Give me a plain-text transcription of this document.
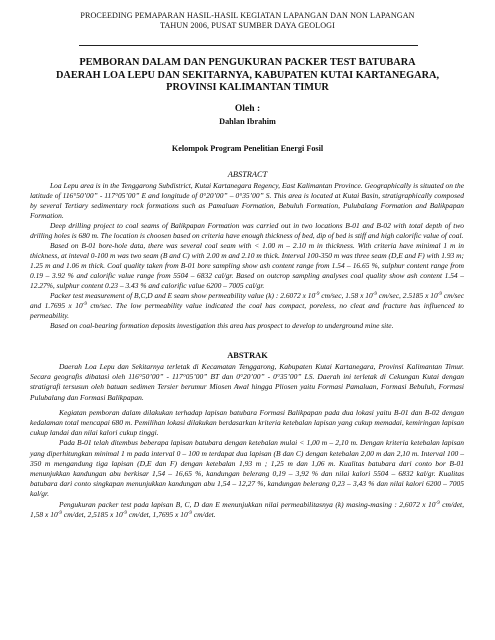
PROCEEDING PEMAPARAN HASIL-HASIL KEGIATAN LAPANGAN DAN NON LAPANGAN
TAHUN 2006, PUSAT SUMBER DAYA GEOLOGI
PEMBORAN DALAM DAN PENGUKURAN PACKER TEST BATUBARA
DAERAH LOA LEPU DAN SEKITARNYA, KABUPATEN KUTAI KARTANEGARA,
PROVINSI KALIMANTAN TIMUR
Oleh :
Dahlan Ibrahim
Kelompok Program Penelitian Energi Fosil
ABSTRACT

Loa Lepu area is in the Tenggarong Subdistrict, Kutai Kartanegara Regency, East Kalimantan Province. Geographically is situated on the latitude of 116°50’00” - 117°05’00” E and longitude of 0°20’00” – 0°35’00” S. This area is located at Kutai Basin, stratigraphically composed by several Tertiary sedimentary rock formations such as Pamaluan Formation, Bebuluh Formation, Pulubalang Formation and Balikpapan Formation.

Deep drilling project to coal seams of Balikpapan Formation was carried out in two locations B-01 and B-02 with total depth of two drilling holes is 680 m. The location is choosen based on criteria have enough thickness of bed, dip of bed is stiff and high calorific value of coal.

Based on B-01 bore-hole data, there was several coal seam with < 1.00 m – 2.10 m in thickness. With criteria have minimal 1 m in thickness, at inteval 0-100 m was two seam (B and C) with 2.00 m and 2.10 m thick. Interval 100-350 m was three seam (D,E and F) with 1.93 m; 1.25 m and 1.06 m thick. Coal quality taken from B-01 bore sampling show ash content range from 1.54 – 16.65 %, sulphur content range from 0.19 – 3.92 % and calorific value range from 5504 – 6832 cal/gr. Based on outcrop sampling analyses coal quality show ash content 1.54 – 12.27%, sulphur content 0.23 – 3.43 % and calorific value 6200 – 7005 cal/gr.

Packer test measurement of B,C,D and E seam show permeability value (k) : 2.6072 x $10^{-9}$ cm/sec, 1.58 x $10^{-9}$ cm/sec, 2.5185 x $10^{-9}$ cm/sec and 1.7695 x $10^{-9}$ cm/sec. The low permeability value indicated the coal has compact, poreless, no cleat and fracture has influenced to permeability.

Based on coal-bearing formation deposits investigation this area has prospect to develop to underground mine site.

ABSTRAK

Daerah Loa Lepu dan Sekitarnya terletak di Kecamatan Tenggarong, Kabupaten Kutai Kartanegara, Provinsi Kalimantan Timur. Secara geografis dibatasi oleh 116°50’00” - 117°05’00” BT dan 0°20’00” - 0°35’00” LS. Daerah ini terletak di Cekungan Kutai dengan stratigrafi tersusun oleh batuan sedimen Tersier berumur Miosen Awal hingga Pliosen yaitu Formasi Pamaluan, Formasi Bebuluh, Formasi Pulubalang dan Formasi Balikpapan.

Kegiatan pemboran dalam dilakukan terhadap lapisan batubara Formasi Balikpapan pada dua lokasi yaitu B-01 dan B-02 dengan kedalaman total mencapai 680 m. Pemilihan lokasi dilakukan berdasarkan kriteria ketebalan lapisan yang cukup memadai, kemiringan lapisan cukup landai dan nilai kalori cukup tinggi.

Pada B-01 telah ditembus beberapa lapisan batubara dengan ketebalan mulai < 1,00 m – 2,10 m. Dengan kriteria ketebalan lapisan yang diperhitungkan minimal 1 m pada interval 0 – 100 m terdapat dua lapisan (B dan C) dengan ketebalan 2,00 m dan 2,10 m. Interval 100 – 350 m mengandung tiga lapisan (D,E dan F) dengan ketebalan 1,93 m ; 1,25 m dan 1,06 m. Kualitas batubara dari conto bor B-01 menunjukkan kandungan abu berkisar 1,54 – 16,65 %, kandungan belerang 0,19 – 3,92 % dan nilai kalori 5504 – 6832 kal/gr. Kualitas batubara dari conto singkapan menunjukkan kandungan abu 1,54 – 12,27 %, kandungan belerang 0,23 – 3,43 % dan nilai kalori 6200 – 7005 kal/gr.

Pengukuran packer test pada lapisan B, C, D dan E menunjukkan nilai permeabilitasnya (k) masing-masing : 2,6072 x $10^{-9}$ cm/det, 1,58 x $10^{-9}$ cm/det, 2,5185 x $10^{-9}$ cm/det, 1,7695 x $10^{-9}$ cm/det.
